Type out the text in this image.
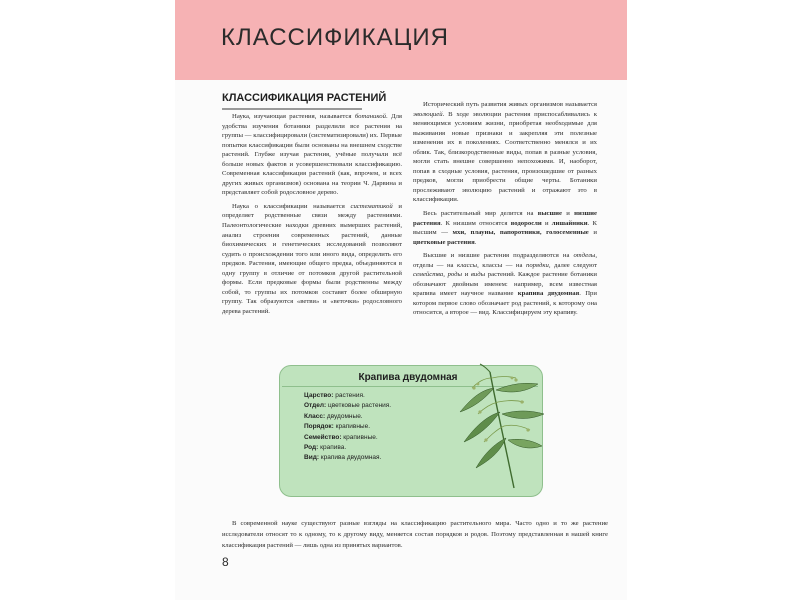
КЛАССИФИКАЦИЯ
КЛАССИФИКАЦИЯ РАСТЕНИЙ

Наука, изучающая растения, называется ботаникой. Для удобства изучения ботаники разделили все растения на группы — классифицировали (систематизировали) их. Первые попытки классификации были основаны на внешнем сходстве растений. Глубже изучая растения, учёные получали всё больше новых фактов и усовершенствовали классификацию. Современная классификация растений (как, впрочем, и всех других живых организмов) основана на теории Ч. Дарвина и представляет собой родословное дерево.

Наука о классификации называется систематикой и определяет родственные связи между растениями. Палеонтологические находки древних вымерших растений, анализ строения современных растений, данные биохимических и генетических исследований позволяют судить о происхождении того или иного вида, определить его предков. Растения, имеющие общего предка, объединяются в одну группу в отличие от потомков другой растительной формы. Если предковые формы были родственны между собой, то группы их потомков составят более обширную группу. Так образуются «ветви» и «веточки» родословного дерева растений.

Исторический путь развития живых организмов называется эволюцией. В ходе эволюции растения приспосабливались к меняющимся условиям жизни, приобретая необходимые для выживания новые признаки и закрепляя эти полезные изменения их в поколениях. Соответственно менялся и их облик. Так, близкородственные виды, попав в разные условия, могли стать внешне совершенно непохожими. И, наоборот, попав в сходные условия, растения, произошедшие от разных предков, могли приобрести общие черты. Ботаники прослеживают эволюцию растений и отражают это в классификации.

Весь растительный мир делится на высшие и низшие растения. К низшим относятся водоросли и лишайники. К высшим — мхи, плауны, папоротники, голосеменные и цветковые растения.

Высшие и низшие растения подразделяются на отделы, отделы — на классы, классы — на порядки, далее следуют семейства, роды и виды растений. Каждое растение ботаники обозначают двойным именем: например, всем известная крапива имеет научное название крапива двудомная. При котором первое слово обозначает род растений, к которому она относится, а второе — вид. Классифицируем эту крапиву.

Крапива двудомная
Царство: растения.
Отдел: цветковые растения.
Класс: двудомные.
Порядок: крапивные.
Семейство: крапивные.
Род: крапива.
Вид: крапива двудомная.

В современной науке существуют разные взгляды на классификацию растительного мира. Часто одно и то же растение исследователи относят то к одному, то к другому виду, меняется состав порядков и родов. Поэтому представленная в нашей книге классификация растений — лишь одна из принятых вариантов.

8
